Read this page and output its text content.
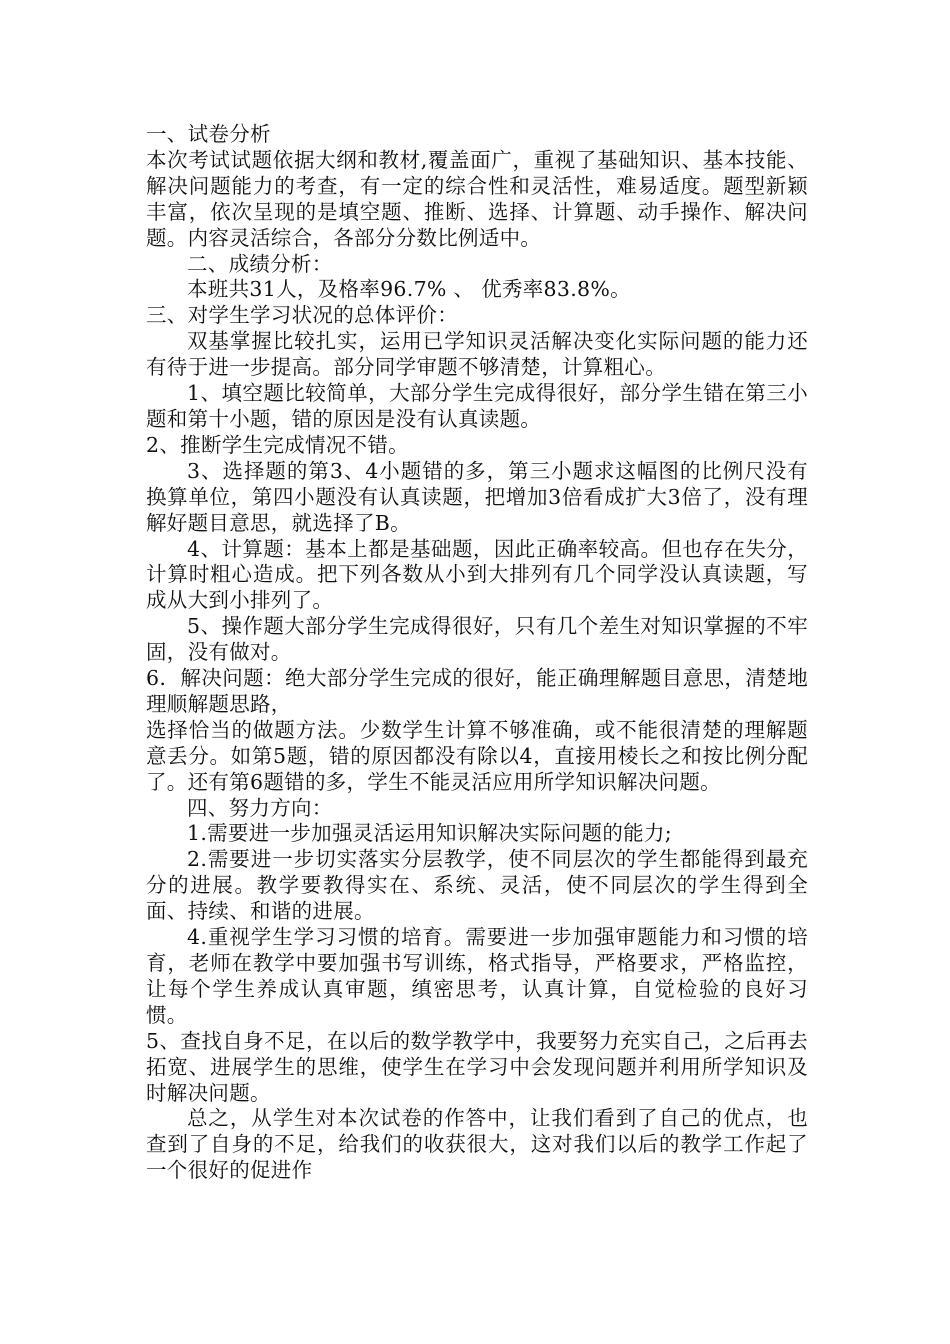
一、试卷分析

本次考试试题依据大纲和教材,覆盖面广，重视了基础知识、基本技能、解决问题能力的考查，有一定的综合性和灵活性，难易适度。题型新颖丰富，依次呈现的是填空题、推断、选择、计算题、动手操作、解决问题。内容灵活综合，各部分分数比例适中。

二、成绩分析：

本班共31人，及格率96.7% 、 优秀率83.8%。

三、对学生学习状况的总体评价：

双基掌握比较扎实，运用已学知识灵活解决变化实际问题的能力还有待于进一步提高。部分同学审题不够清楚，计算粗心。

1、填空题比较简单，大部分学生完成得很好，部分学生错在第三小题和第十小题，错的原因是没有认真读题。

2、推断学生完成情况不错。

3、选择题的第3、4小题错的多，第三小题求这幅图的比例尺没有换算单位，第四小题没有认真读题，把增加3倍看成扩大3倍了，没有理解好题目意思，就选择了B。

4、计算题：基本上都是基础题，因此正确率较高。但也存在失分，计算时粗心造成。把下列各数从小到大排列有几个同学没认真读题，写成从大到小排列了。

5、操作题大部分学生完成得很好，只有几个差生对知识掌握的不牢固，没有做对。

6．解决问题：绝大部分学生完成的很好，能正确理解题目意思，清楚地理顺解题思路，

选择恰当的做题方法。少数学生计算不够准确，或不能很清楚的理解题意丢分。如第5题，错的原因都没有除以4，直接用棱长之和按比例分配了。还有第6题错的多，学生不能灵活应用所学知识解决问题。

四、努力方向：

1.需要进一步加强灵活运用知识解决实际问题的能力;

2.需要进一步切实落实分层教学，使不同层次的学生都能得到最充分的进展。教学要教得实在、系统、灵活，使不同层次的学生得到全面、持续、和谐的进展。

4.重视学生学习习惯的培育。需要进一步加强审题能力和习惯的培育，老师在教学中要加强书写训练，格式指导，严格要求，严格监控，让每个学生养成认真审题，缜密思考，认真计算，自觉检验的良好习惯。

5、查找自身不足，在以后的数学教学中，我要努力充实自己，之后再去拓宽、进展学生的思维，使学生在学习中会发现问题并利用所学知识及时解决问题。

总之，从学生对本次试卷的作答中，让我们看到了自己的优点，也查到了自身的不足，给我们的收获很大，这对我们以后的教学工作起了一个很好的促进作
